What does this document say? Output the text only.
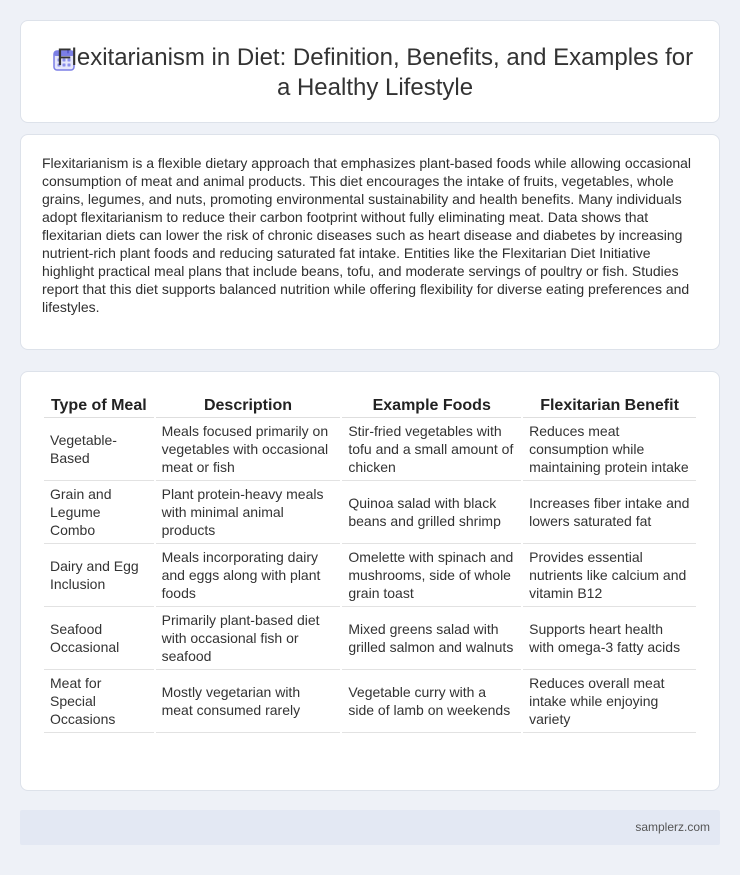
Flexitarianism in Diet: Definition, Benefits, and Examples for a Healthy Lifestyle
Flexitarianism is a flexible dietary approach that emphasizes plant-based foods while allowing occasional consumption of meat and animal products. This diet encourages the intake of fruits, vegetables, whole grains, legumes, and nuts, promoting environmental sustainability and health benefits. Many individuals adopt flexitarianism to reduce their carbon footprint without fully eliminating meat. Data shows that flexitarian diets can lower the risk of chronic diseases such as heart disease and diabetes by increasing nutrient-rich plant foods and reducing saturated fat intake. Entities like the Flexitarian Diet Initiative highlight practical meal plans that include beans, tofu, and moderate servings of poultry or fish. Studies report that this diet supports balanced nutrition while offering flexibility for diverse eating preferences and lifestyles.
Type of Meal	Description	Example Foods	Flexitarian Benefit
Vegetable-Based	Meals focused primarily on vegetables with occasional meat or fish	Stir-fried vegetables with tofu and a small amount of chicken	Reduces meat consumption while maintaining protein intake
Grain and Legume Combo	Plant protein-heavy meals with minimal animal products	Quinoa salad with black beans and grilled shrimp	Increases fiber intake and lowers saturated fat
Dairy and Egg Inclusion	Meals incorporating dairy and eggs along with plant foods	Omelette with spinach and mushrooms, side of whole grain toast	Provides essential nutrients like calcium and vitamin B12
Seafood Occasional	Primarily plant-based diet with occasional fish or seafood	Mixed greens salad with grilled salmon and walnuts	Supports heart health with omega-3 fatty acids
Meat for Special Occasions	Mostly vegetarian with meat consumed rarely	Vegetable curry with a side of lamb on weekends	Reduces overall meat intake while enjoying variety
samplerz.com
